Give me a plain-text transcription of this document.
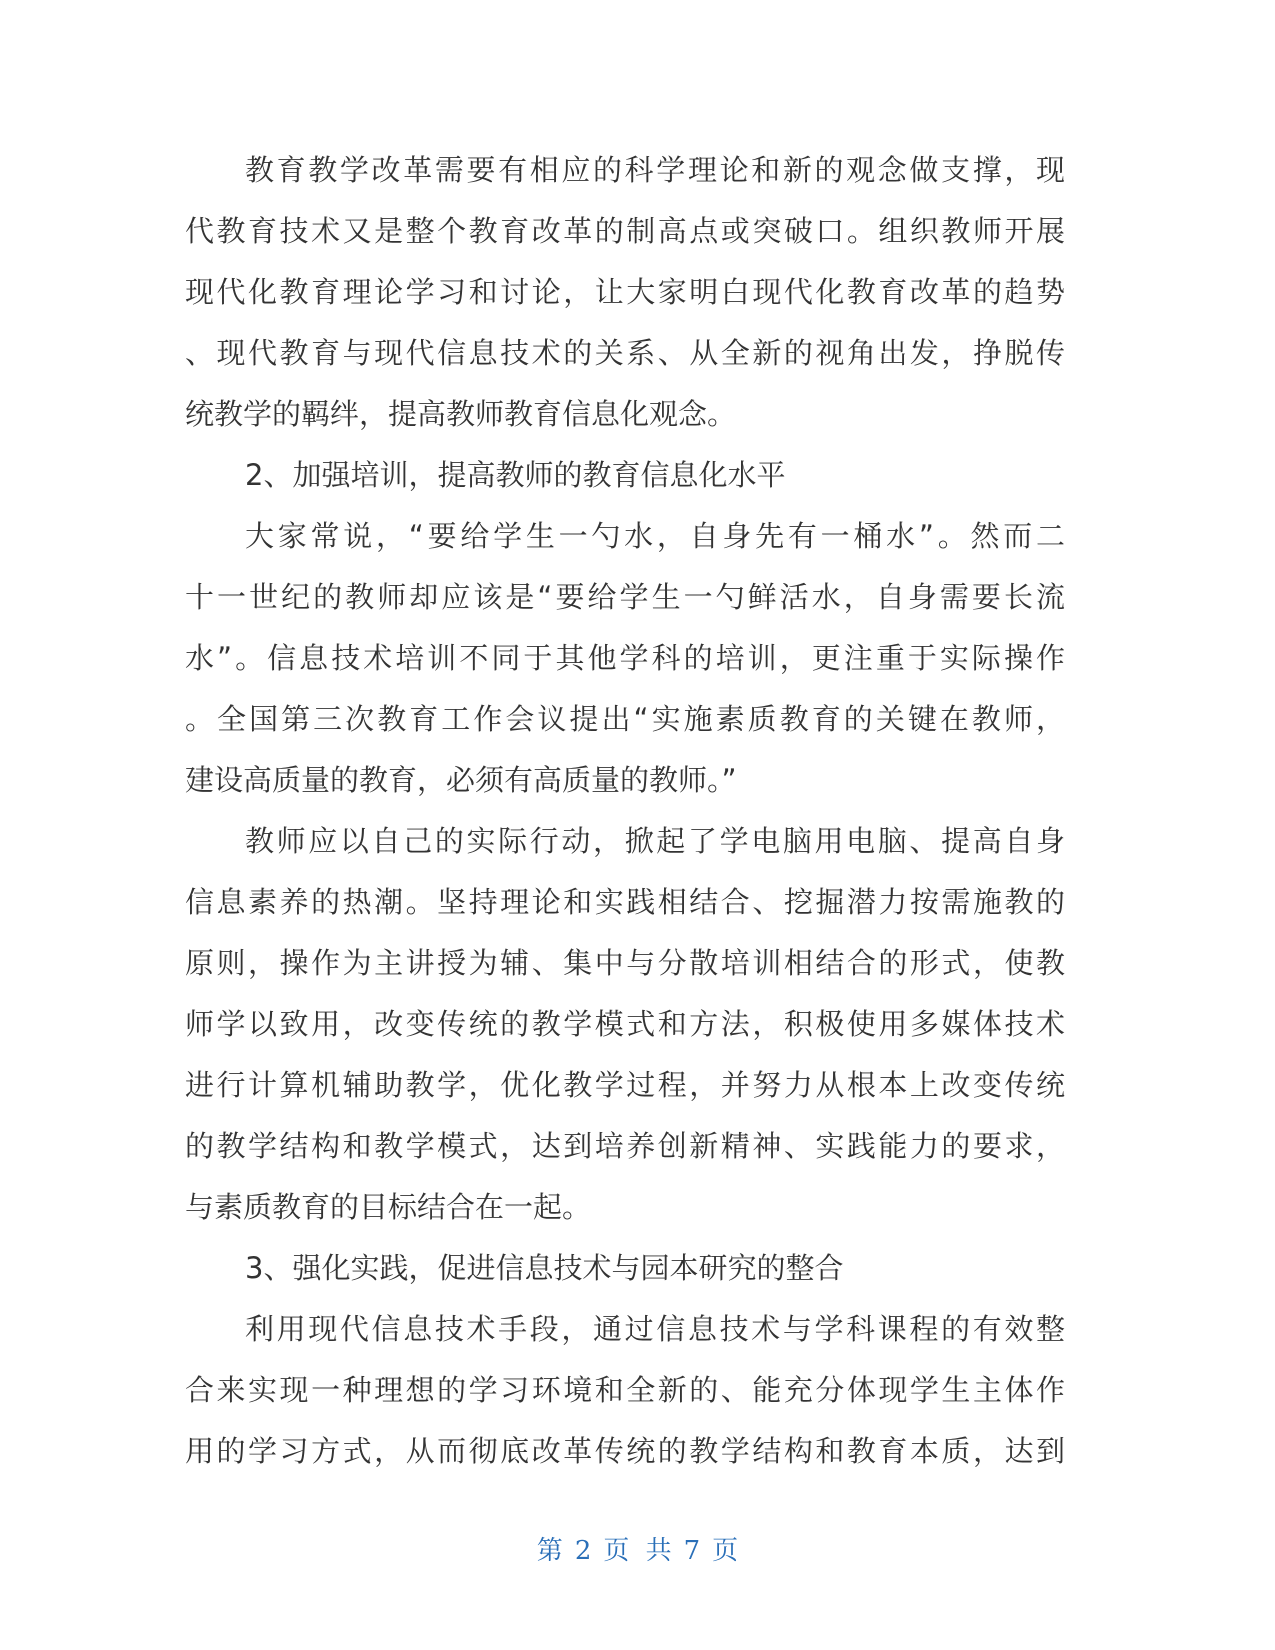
教育教学改革需要有相应的科学理论和新的观念做支撑，现
代教育技术又是整个教育改革的制高点或突破口。组织教师开展
现代化教育理论学习和讨论，让大家明白现代化教育改革的趋势
、现代教育与现代信息技术的关系、从全新的视角出发，挣脱传
统教学的羁绊，提高教师教育信息化观念。
2、加强培训，提高教师的教育信息化水平
大家常说，“要给学生一勺水，自身先有一桶水”。然而二
十一世纪的教师却应该是“要给学生一勺鲜活水，自身需要长流
水”。信息技术培训不同于其他学科的培训，更注重于实际操作
。全国第三次教育工作会议提出“实施素质教育的关键在教师，
建设高质量的教育，必须有高质量的教师。”
教师应以自己的实际行动，掀起了学电脑用电脑、提高自身
信息素养的热潮。坚持理论和实践相结合、挖掘潜力按需施教的
原则，操作为主讲授为辅、集中与分散培训相结合的形式，使教
师学以致用，改变传统的教学模式和方法，积极使用多媒体技术
进行计算机辅助教学，优化教学过程，并努力从根本上改变传统
的教学结构和教学模式，达到培养创新精神、实践能力的要求，
与素质教育的目标结合在一起。
3、强化实践，促进信息技术与园本研究的整合
利用现代信息技术手段，通过信息技术与学科课程的有效整
合来实现一种理想的学习环境和全新的、能充分体现学生主体作
用的学习方式，从而彻底改革传统的教学结构和教育本质，达到
第 2 页 共 7 页
